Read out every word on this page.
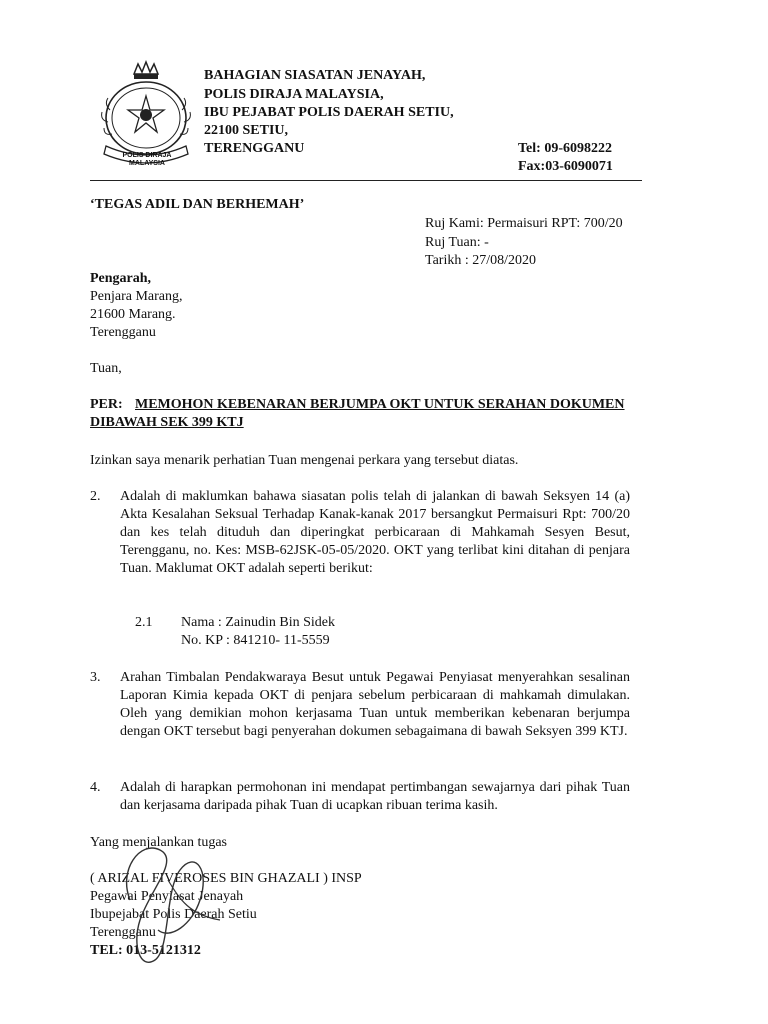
POLIS DIRAJA MALAYSIA
BAHAGIAN SIASATAN JENAYAH,
POLIS DIRAJA MALAYSIA,
IBU PEJABAT POLIS DAERAH SETIU,
22100 SETIU,
TERENGGANU	Tel: 09-6098222
Fax:03-6090071
‘TEGAS ADIL DAN BERHEMAH’
Ruj Kami: Permaisuri RPT: 700/20
Ruj Tuan: -
Tarikh : 27/08/2020
Pengarah,
Penjara Marang,
21600 Marang.
Terengganu
Tuan,
PER: MEMOHON KEBENARAN BERJUMPA OKT UNTUK SERAHAN DOKUMEN
DIBAWAH SEK 399 KTJ
Izinkan saya menarik perhatian Tuan mengenai perkara yang tersebut diatas.
2. Adalah di maklumkan bahawa siasatan polis telah di jalankan di bawah Seksyen 14 (a) Akta Kesalahan Seksual Terhadap Kanak-kanak 2017 bersangkut Permaisuri Rpt: 700/20 dan kes telah dituduh dan diperingkat perbicaraan di Mahkamah Sesyen Besut, Terengganu, no. Kes: MSB-62JSK-05-05/2020. OKT yang terlibat kini ditahan di penjara Tuan. Maklumat OKT adalah seperti berikut:
2.1 Nama : Zainudin Bin Sidek
No. KP : 841210- 11-5559
3. Arahan Timbalan Pendakwaraya Besut untuk Pegawai Penyiasat menyerahkan sesalinan Laporan Kimia kepada OKT di penjara sebelum perbicaraan di mahkamah dimulakan. Oleh yang demikian mohon kerjasama Tuan untuk memberikan kebenaran berjumpa dengan OKT tersebut bagi penyerahan dokumen sebagaimana di bawah Seksyen 399 KTJ.
4. Adalah di harapkan permohonan ini mendapat pertimbangan sewajarnya dari pihak Tuan dan kerjasama daripada pihak Tuan di ucapkan ribuan terima kasih.
Yang menjalankan tugas
( ARIZAL FIVEROSES BIN GHAZALI ) INSP
Pegawai Penyiasat Jenayah
Ibupejabat Polis Daerah Setiu
Terengganu
TEL: 013-5121312
